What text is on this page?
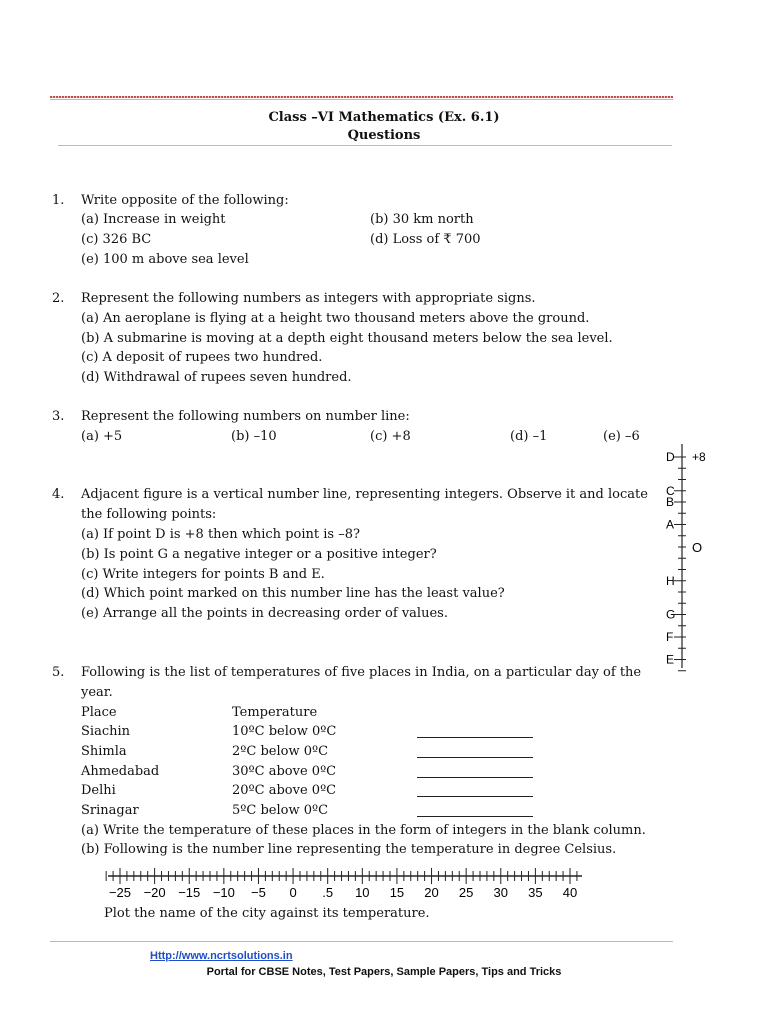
Class –VI Mathematics (Ex. 6.1)
Questions
1. Write opposite of the following:
(a) Increase in weight	(b) 30 km north
(c) 326 BC	(d) Loss of ₹ 700
(e) 100 m above sea level
2. Represent the following numbers as integers with appropriate signs.
(a) An aeroplane is flying at a height two thousand meters above the ground.
(b) A submarine is moving at a depth eight thousand meters below the sea level.
(c) A deposit of rupees two hundred.
(d) Withdrawal of rupees seven hundred.
3. Represent the following numbers on number line:
(a) +5	(b) –10	(c) +8	(d) –1	(e) –6
4. Adjacent figure is a vertical number line, representing integers. Observe it and locate
the following points:
(a) If point D is +8 then which point is –8?
(b) Is point G a negative integer or a positive integer?
(c) Write integers for points B and E.
(d) Which point marked on this number line has the least value?
(e) Arrange all the points in decreasing order of values.
D
C
B
A
H
G
F
E
+8
O
5. Following is the list of temperatures of five places in India, on a particular day of the
year.
Place	Temperature
Siachin	10ºC below 0ºC
Shimla	2ºC below 0ºC
Ahmedabad	30ºC above 0ºC
Delhi	20ºC above 0ºC
Srinagar	5ºC below 0ºC
(a) Write the temperature of these places in the form of integers in the blank column.
(b) Following is the number line representing the temperature in degree Celsius.
−25 −20 −15 −10 −5 0 .5 10 15 20 25 30 35 40
Plot the name of the city against its temperature.
Http://www.ncrtsolutions.in
Portal for CBSE Notes, Test Papers, Sample Papers, Tips and Tricks
